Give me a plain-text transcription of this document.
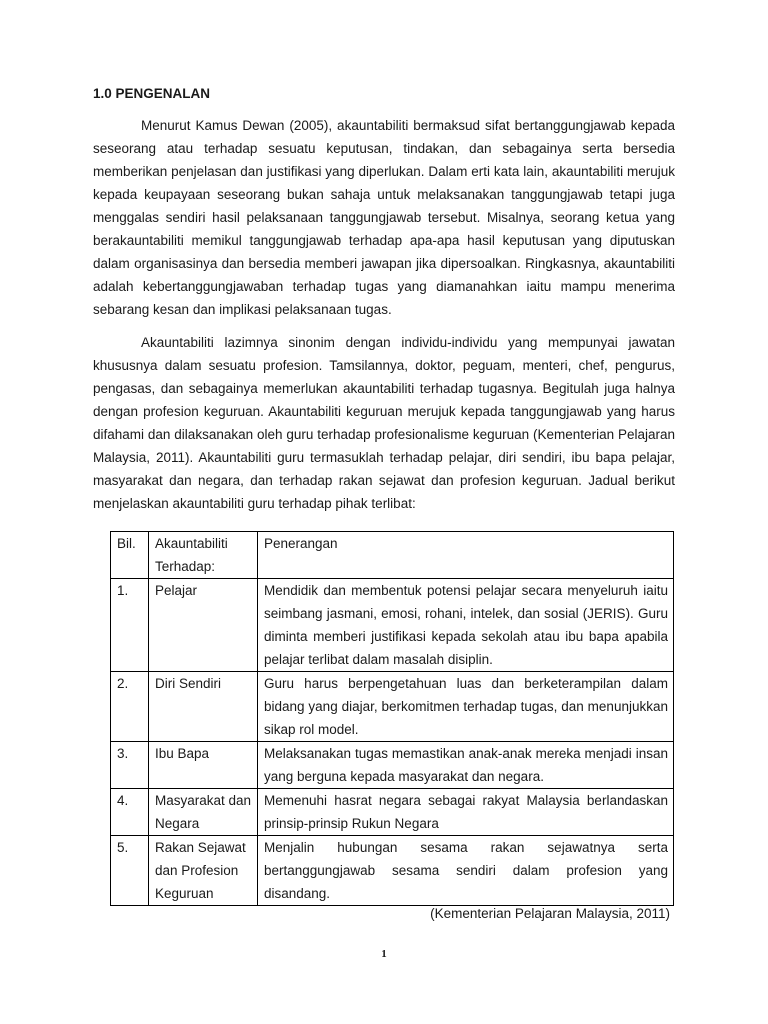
1.0 PENGENALAN

Menurut Kamus Dewan (2005), akauntabiliti bermaksud sifat bertanggungjawab kepada seseorang atau terhadap sesuatu keputusan, tindakan, dan sebagainya serta bersedia memberikan penjelasan dan justifikasi yang diperlukan. Dalam erti kata lain, akauntabiliti merujuk kepada keupayaan seseorang bukan sahaja untuk melaksanakan tanggungjawab tetapi juga menggalas sendiri hasil pelaksanaan tanggungjawab tersebut. Misalnya, seorang ketua yang berakauntabiliti memikul tanggungjawab terhadap apa-apa hasil keputusan yang diputuskan dalam organisasinya dan bersedia memberi jawapan jika dipersoalkan. Ringkasnya, akauntabiliti adalah kebertanggungjawaban terhadap tugas yang diamanahkan iaitu mampu menerima sebarang kesan dan implikasi pelaksanaan tugas.

Akauntabiliti lazimnya sinonim dengan individu-individu yang mempunyai jawatan khususnya dalam sesuatu profesion. Tamsilannya, doktor, peguam, menteri, chef, pengurus, pengasas, dan sebagainya memerlukan akauntabiliti terhadap tugasnya. Begitulah juga halnya dengan profesion keguruan. Akauntabiliti keguruan merujuk kepada tanggungjawab yang harus difahami dan dilaksanakan oleh guru terhadap profesionalisme keguruan (Kementerian Pelajaran Malaysia, 2011). Akauntabiliti guru termasuklah terhadap pelajar, diri sendiri, ibu bapa pelajar, masyarakat dan negara, dan terhadap rakan sejawat dan profesion keguruan. Jadual berikut menjelaskan akauntabiliti guru terhadap pihak terlibat:

Bil.	Akauntabiliti Terhadap:	Penerangan
1.	Pelajar	Mendidik dan membentuk potensi pelajar secara menyeluruh iaitu seimbang jasmani, emosi, rohani, intelek, dan sosial (JERIS). Guru diminta memberi justifikasi kepada sekolah atau ibu bapa apabila pelajar terlibat dalam masalah disiplin.
2.	Diri Sendiri	Guru harus berpengetahuan luas dan berketerampilan dalam bidang yang diajar, berkomitmen terhadap tugas, dan menunjukkan sikap rol model.
3.	Ibu Bapa	Melaksanakan tugas memastikan anak-anak mereka menjadi insan yang berguna kepada masyarakat dan negara.
4.	Masyarakat dan Negara	Memenuhi hasrat negara sebagai rakyat Malaysia berlandaskan prinsip-prinsip Rukun Negara
5.	Rakan Sejawat dan Profesion Keguruan	Menjalin hubungan sesama rakan sejawatnya serta bertanggungjawab sesama sendiri dalam profesion yang disandang.
(Kementerian Pelajaran Malaysia, 2011)
1
